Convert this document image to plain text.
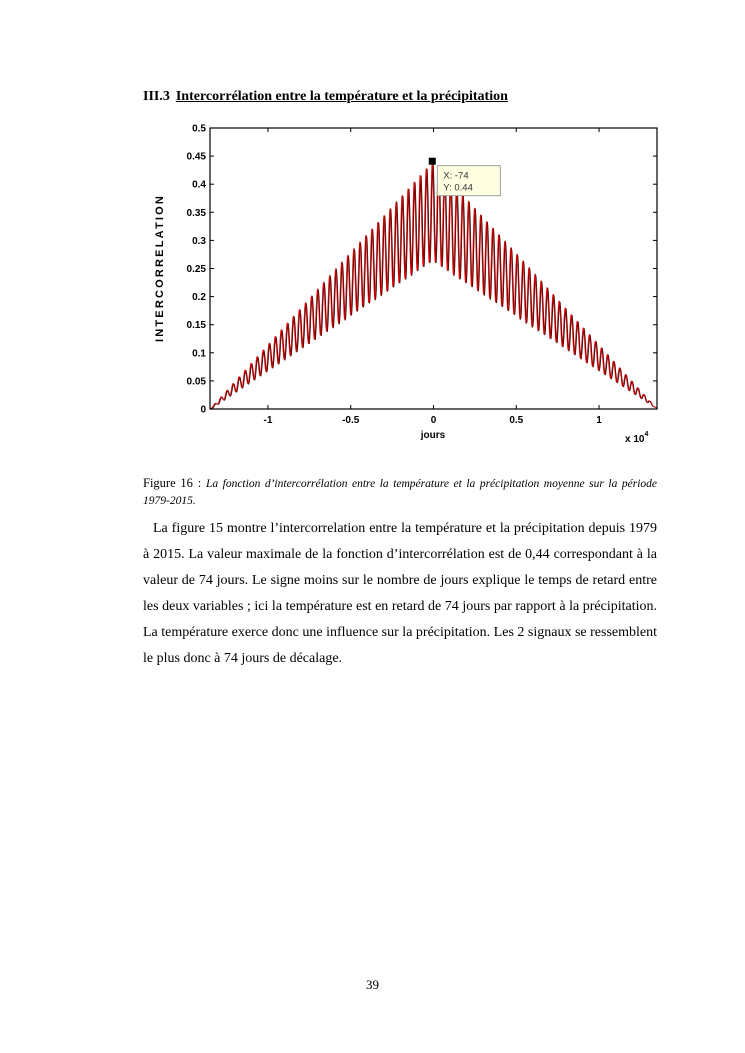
III.3 Intercorrélation entre la température et la précipitation
0
0.05
0.1
0.15
0.2
0.25
0.3
0.35
0.4
0.45
0.5
-1	-0.5	0	0.5	1
INTERCORRELATION
jours	x $10^4$
X: -74
Y: 0.44
Figure 16 : La fonction d’intercorrélation entre la température et la précipitation moyenne sur la période 1979-2015.

La figure 15 montre l’intercorrelation entre la température et la précipitation depuis 1979 à 2015. La valeur maximale de la fonction d’intercorrélation est de 0,44 correspondant à la valeur de 74 jours. Le signe moins sur le nombre de jours explique le temps de retard entre les deux variables ; ici la température est en retard de 74 jours par rapport à la précipitation. La température exerce donc une influence sur la précipitation. Les 2 signaux se ressemblent le plus donc à 74 jours de décalage.

39
